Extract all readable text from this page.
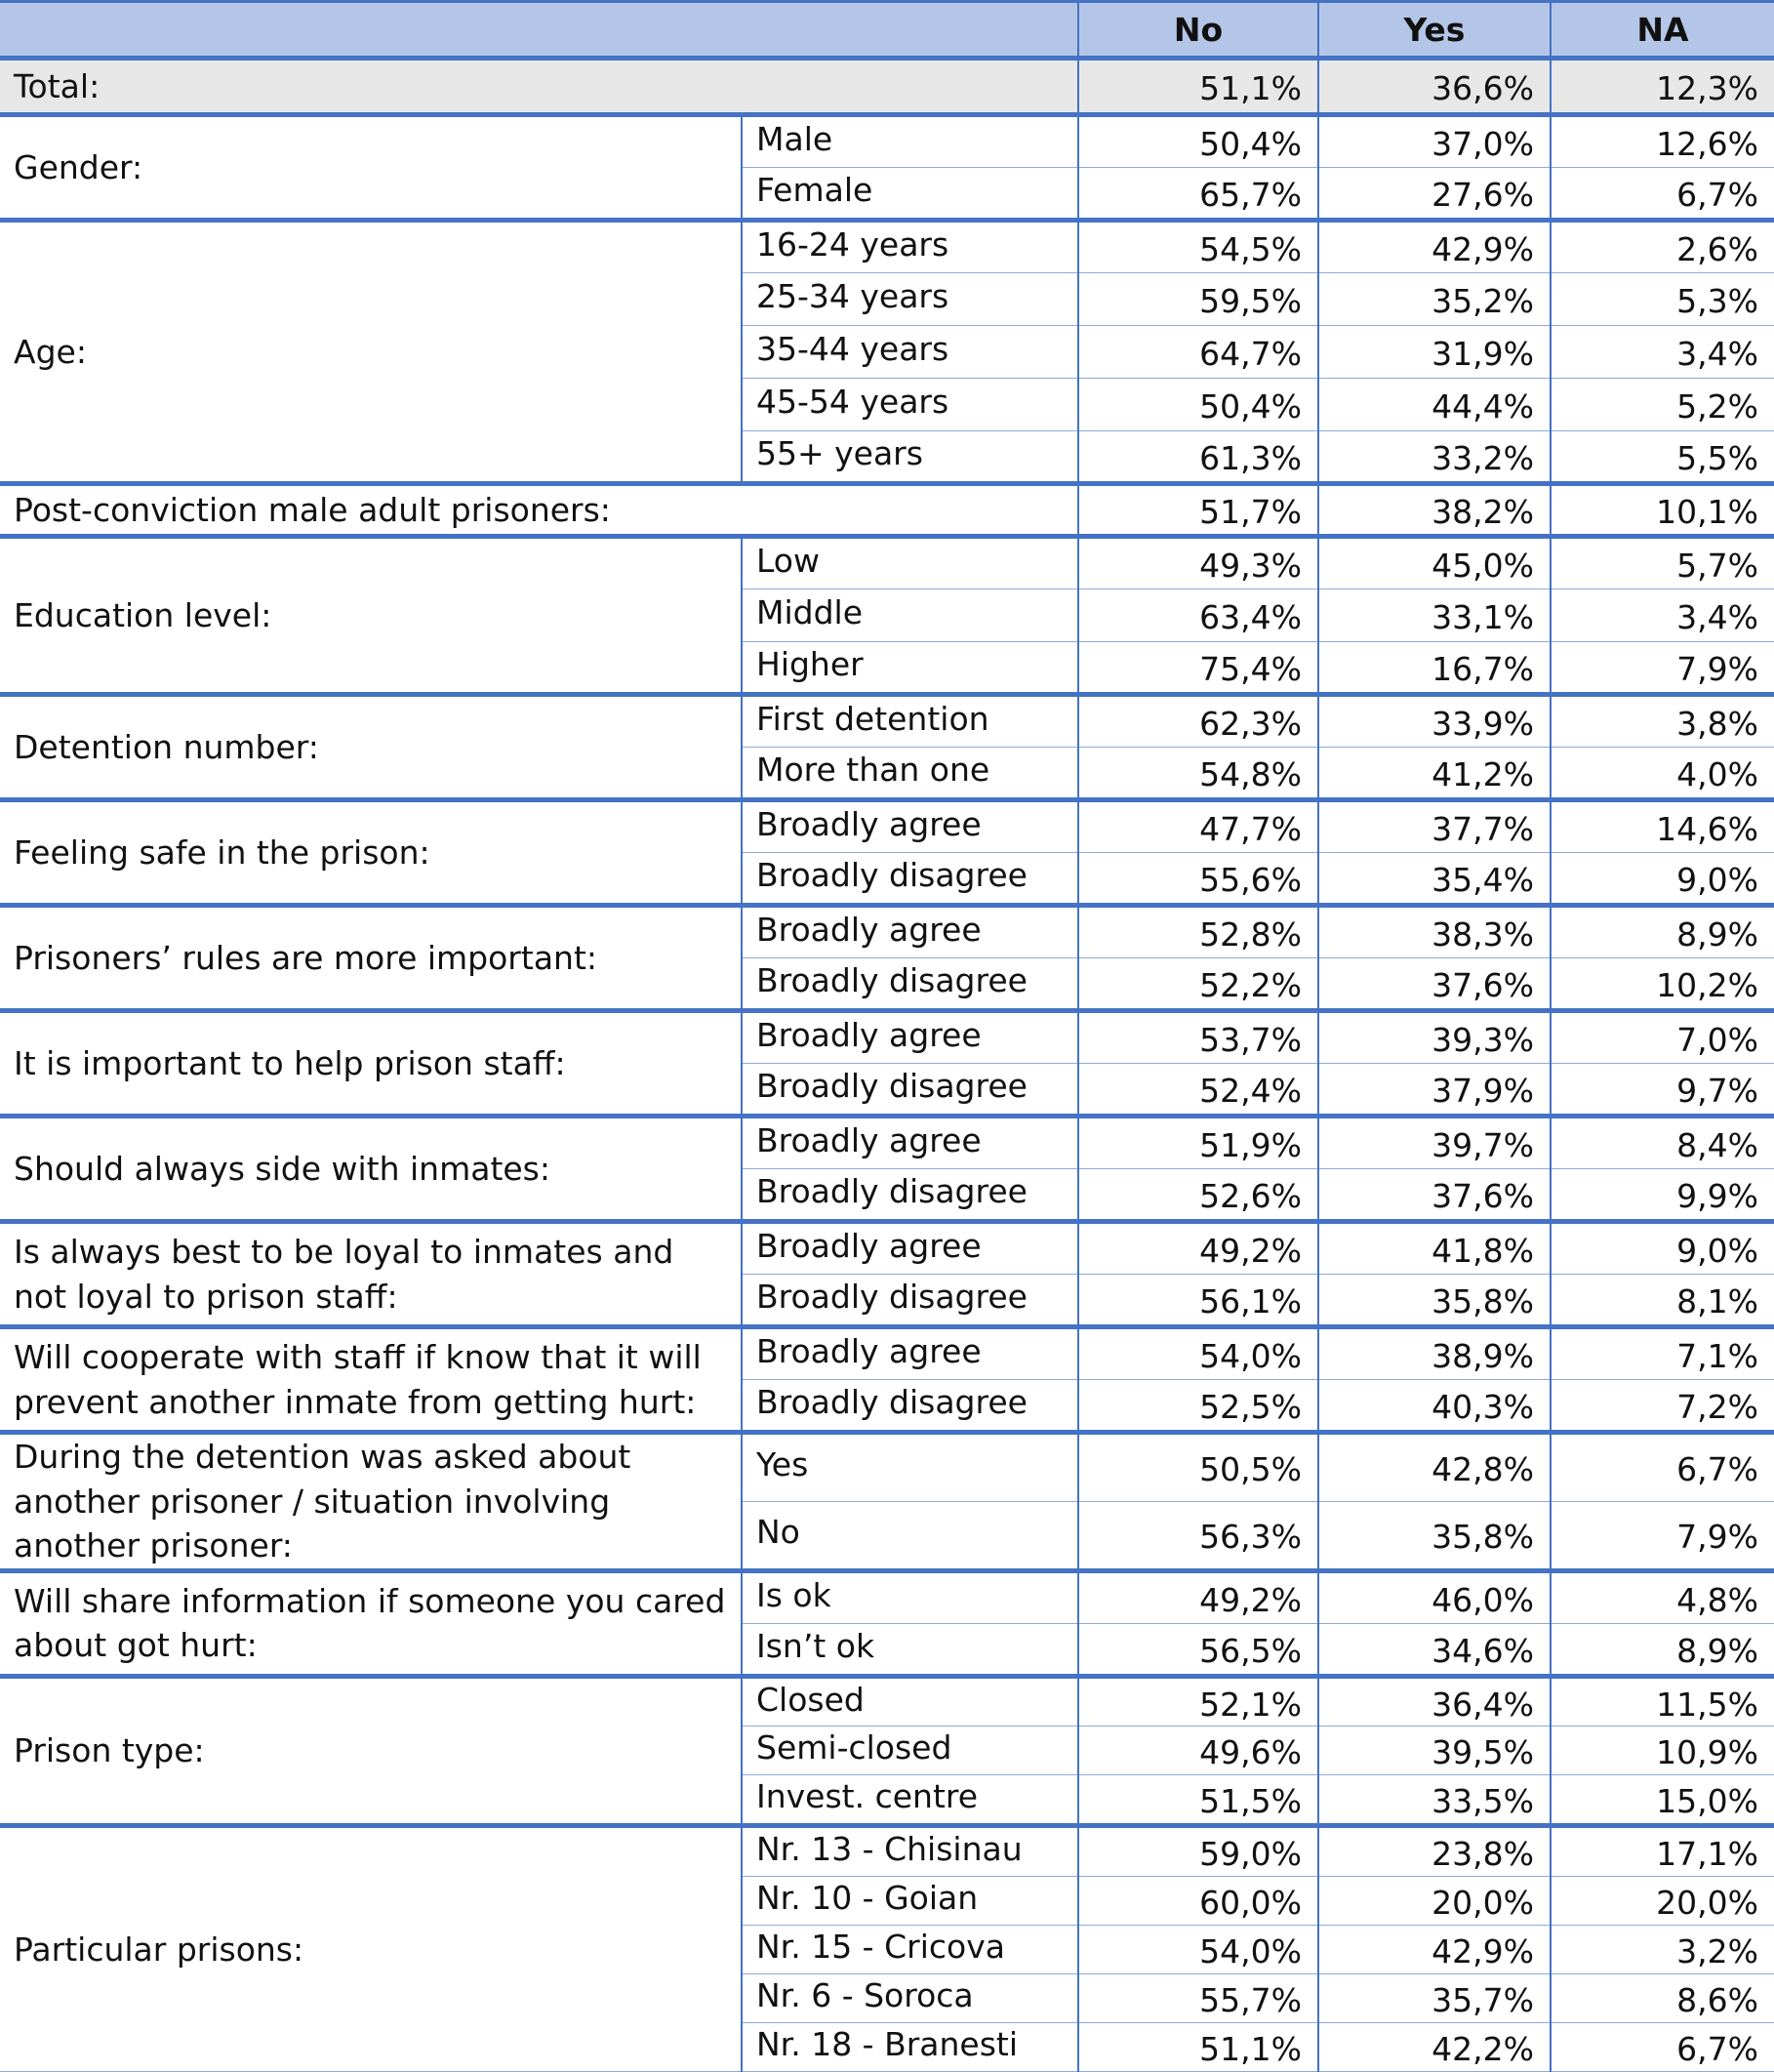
		No	Yes	NA
Total:		51,1%	36,6%	12,3%
Gender:	Male	50,4%	37,0%	12,6%
	Female	65,7%	27,6%	6,7%
Age:	16-24 years	54,5%	42,9%	2,6%
	25-34 years	59,5%	35,2%	5,3%
	35-44 years	64,7%	31,9%	3,4%
	45-54 years	50,4%	44,4%	5,2%
	55+ years	61,3%	33,2%	5,5%
Post-conviction male adult prisoners:		51,7%	38,2%	10,1%
Education level:	Low	49,3%	45,0%	5,7%
	Middle	63,4%	33,1%	3,4%
	Higher	75,4%	16,7%	7,9%
Detention number:	First detention	62,3%	33,9%	3,8%
	More than one	54,8%	41,2%	4,0%
Feeling safe in the prison:	Broadly agree	47,7%	37,7%	14,6%
	Broadly disagree	55,6%	35,4%	9,0%
Prisoners’ rules are more important:	Broadly agree	52,8%	38,3%	8,9%
	Broadly disagree	52,2%	37,6%	10,2%
It is important to help prison staff:	Broadly agree	53,7%	39,3%	7,0%
	Broadly disagree	52,4%	37,9%	9,7%
Should always side with inmates:	Broadly agree	51,9%	39,7%	8,4%
	Broadly disagree	52,6%	37,6%	9,9%
Is always best to be loyal to inmates and not loyal to prison staff:	Broadly agree	49,2%	41,8%	9,0%
	Broadly disagree	56,1%	35,8%	8,1%
Will cooperate with staff if know that it will prevent another inmate from getting hurt:	Broadly agree	54,0%	38,9%	7,1%
	Broadly disagree	52,5%	40,3%	7,2%
During the detention was asked about another prisoner / situation involving another prisoner:	Yes	50,5%	42,8%	6,7%
	No	56,3%	35,8%	7,9%
Will share information if someone you cared about got hurt:	Is ok	49,2%	46,0%	4,8%
	Isn’t ok	56,5%	34,6%	8,9%
Prison type:	Closed	52,1%	36,4%	11,5%
	Semi-closed	49,6%	39,5%	10,9%
	Invest. centre	51,5%	33,5%	15,0%
Particular prisons:	Nr. 13 - Chisinau	59,0%	23,8%	17,1%
	Nr. 10 - Goian	60,0%	20,0%	20,0%
	Nr. 15 - Cricova	54,0%	42,9%	3,2%
	Nr. 6 - Soroca	55,7%	35,7%	8,6%
	Nr. 18 - Branesti	51,1%	42,2%	6,7%
